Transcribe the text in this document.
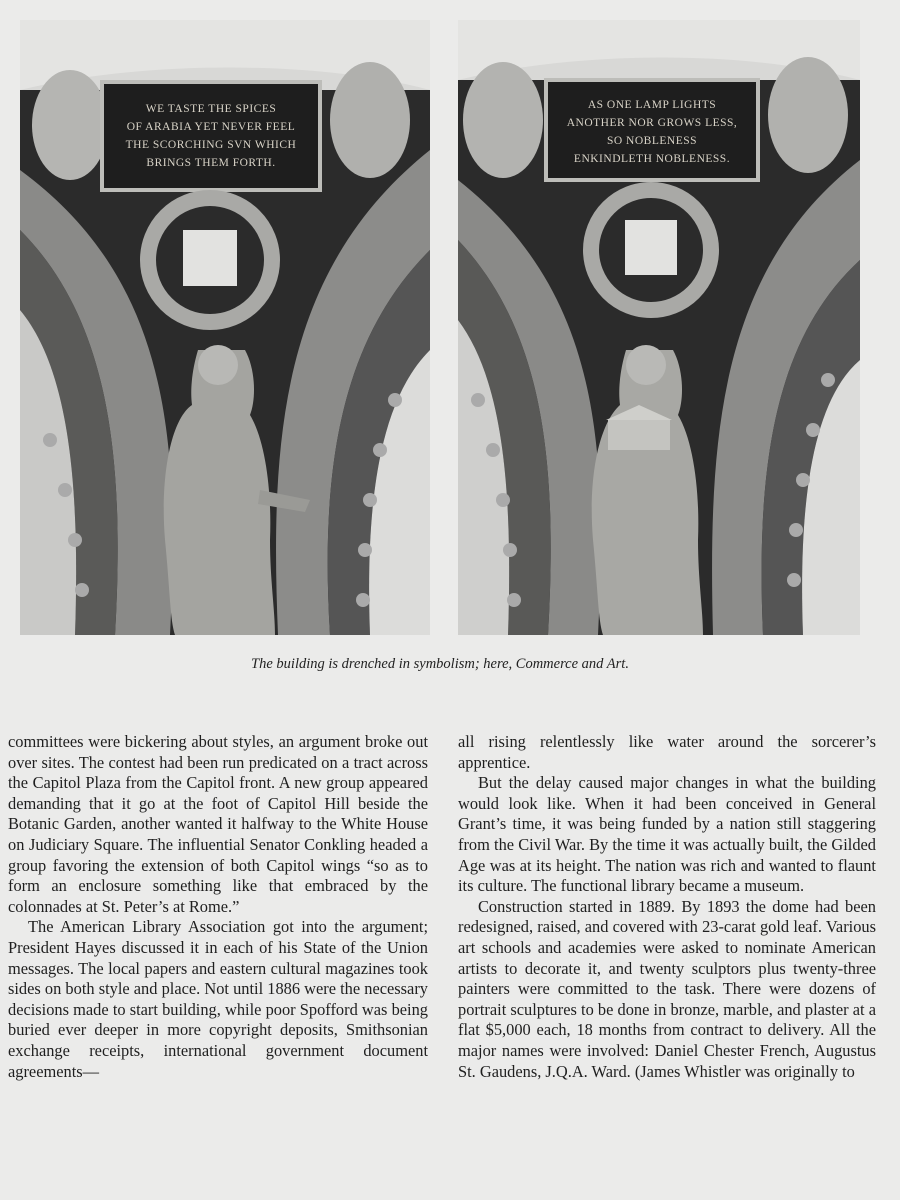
WE TASTE THE SPICES
OF ARABIA YET NEVER FEEL
THE SCORCHING SVN WHICH
BRINGS THEM FORTH.
AS ONE LAMP LIGHTS
ANOTHER NOR GROWS LESS,
SO NOBLENESS
ENKINDLETH NOBLENESS.
The building is drenched in symbolism; here, Commerce and Art.

committees were bickering about styles, an argument broke out over sites. The contest had been run predicated on a tract across the Capitol Plaza from the Capitol front. A new group appeared demanding that it go at the foot of Capitol Hill beside the Botanic Garden, another wanted it halfway to the White House on Judiciary Square. The influential Senator Conkling headed a group favoring the extension of both Capitol wings “so as to form an enclosure something like that embraced by the colonnades at St. Peter’s at Rome.”

The American Library Association got into the argument; President Hayes discussed it in each of his State of the Union messages. The local papers and eastern cultural magazines took sides on both style and place. Not until 1886 were the necessary decisions made to start building, while poor Spofford was being buried ever deeper in more copyright deposits, Smithsonian exchange receipts, international government document agreements—

all rising relentlessly like water around the sorcerer’s apprentice.

But the delay caused major changes in what the building would look like. When it had been conceived in General Grant’s time, it was being funded by a nation still staggering from the Civil War. By the time it was actually built, the Gilded Age was at its height. The nation was rich and wanted to flaunt its culture. The functional library became a museum.

Construction started in 1889. By 1893 the dome had been redesigned, raised, and covered with 23-carat gold leaf. Various art schools and academies were asked to nominate American artists to decorate it, and twenty sculptors plus twenty-three painters were committed to the task. There were dozens of portrait sculptures to be done in bronze, marble, and plaster at a flat $5,000 each, 18 months from contract to delivery. All the major names were involved: Daniel Chester French, Augustus St. Gaudens, J.Q.A. Ward. (James Whistler was originally to
